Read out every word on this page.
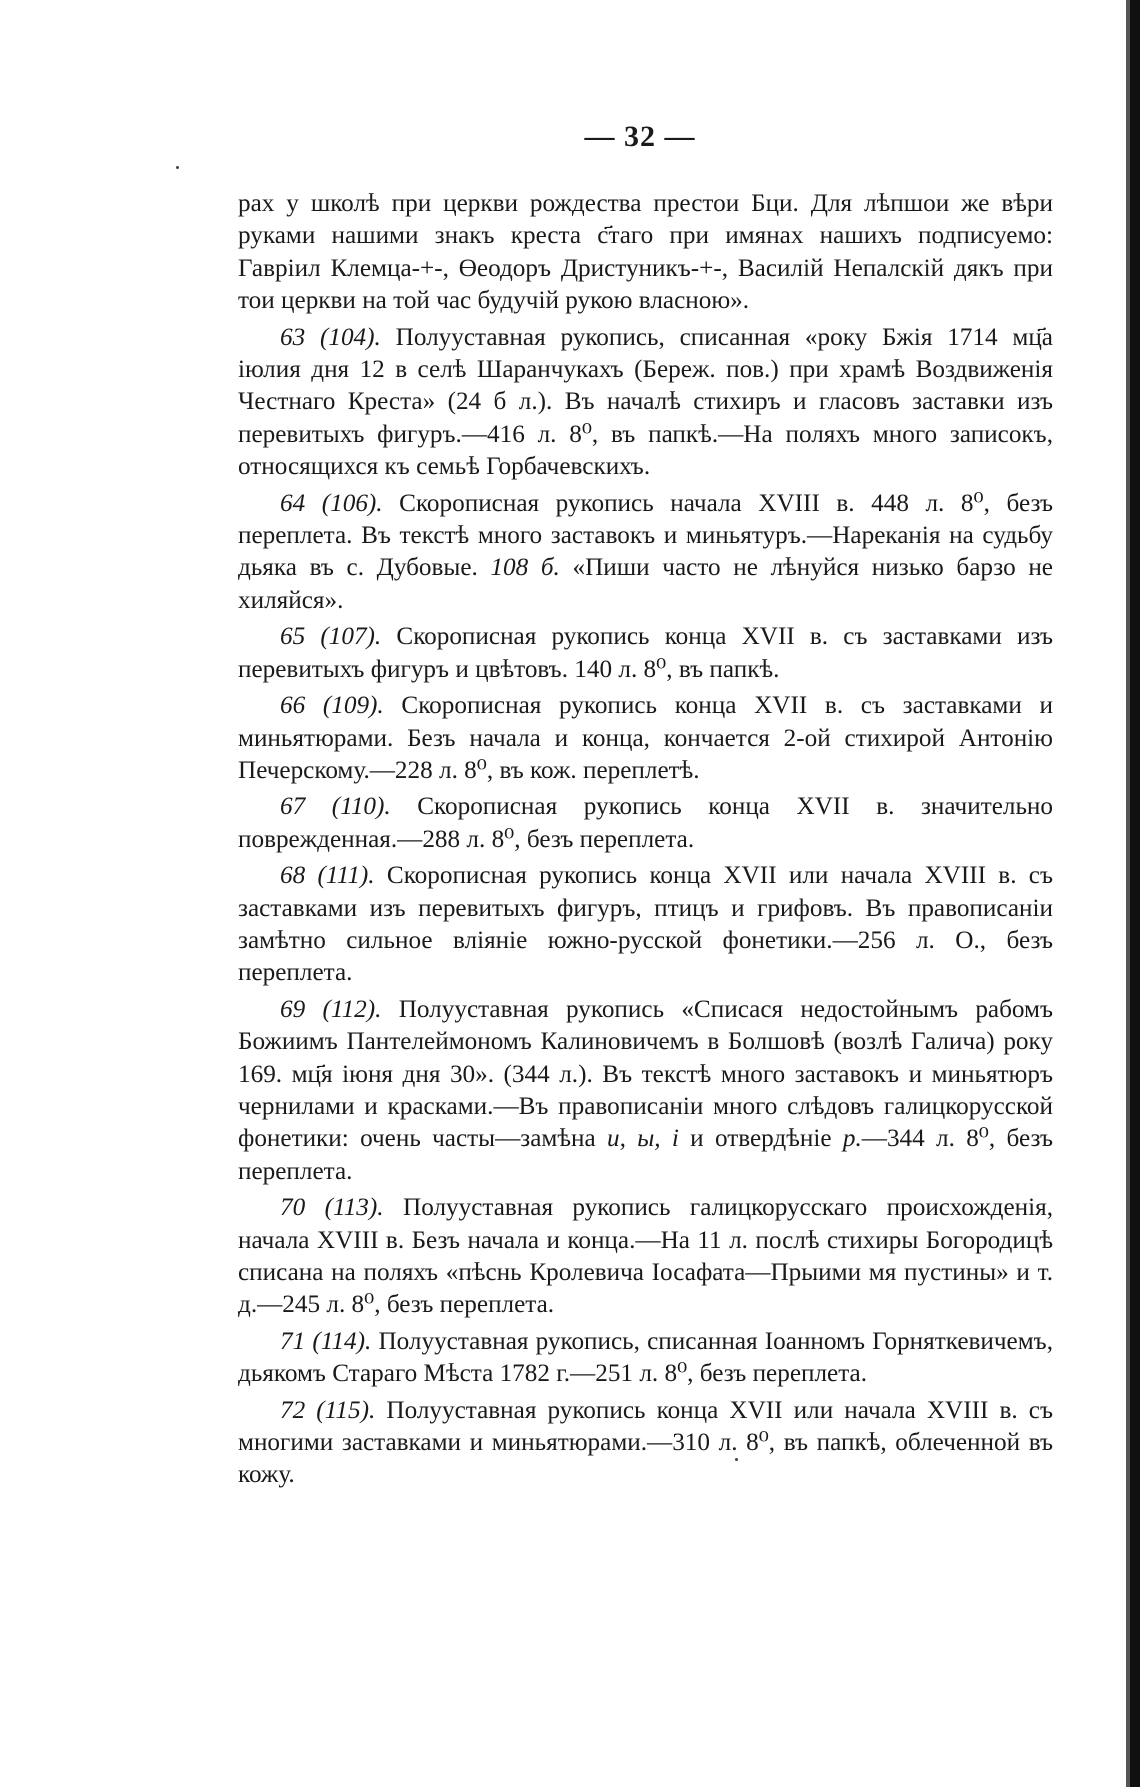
— 32 —

рах у школѣ при церкви рождества престои Бци. Для лѣпшои же вѣри руками нашими знакъ креста с҃таго при имянах нашихъ подписуемо: Гаврiил Клемца-+-, Өеодоръ Дристуникъ-+-, Василiй Непалскiй дякъ при тои церкви на той час будучiй рукою власною».

63 (104). Полууставная рукопись, списанная «року Бжiя 1714 мц҃а iюлия дня 12 в селѣ Шаранчукахъ (Береж. пов.) при храмѣ Воздвиженiя Честнаго Креста» (24 б л.). Въ началѣ стихиръ и гласовъ заставки изъ перевитыхъ фигуръ.—416 л. 8⁰, въ папкѣ.—На поляхъ много записокъ, относящихся къ семьѣ Горбачевскихъ.

64 (106). Скорописная рукопись начала XVIII в. 448 л. 8⁰, безъ переплета. Въ текстѣ много заставокъ и миньятуръ.—Нареканiя на судьбу дьяка въ с. Дубовые. 108 б. «Пиши часто не лѣнуйся низько барзо не хиляйся».

65 (107). Скорописная рукопись конца XVII в. съ заставками изъ перевитыхъ фигуръ и цвѣтовъ. 140 л. 8⁰, въ папкѣ.

66 (109). Скорописная рукопись конца XVII в. съ заставками и миньятюрами. Безъ начала и конца, кончается 2-ой стихирой Антонiю Печерскому.—228 л. 8⁰, въ кож. переплетѣ.

67 (110). Скорописная рукопись конца XVII в. значительно поврежденная.—288 л. 8⁰, безъ переплета.

68 (111). Скорописная рукопись конца XVII или начала XVIII в. съ заставками изъ перевитыхъ фигуръ, птицъ и грифовъ. Въ правописанiи замѣтно сильное влiянiе южно-русской фонетики.—256 л. О., безъ переплета.

69 (112). Полууставная рукопись «Списася недостойнымъ рабомъ Божиимъ Пантелеймономъ Калиновичемъ в Болшовѣ (возлѣ Галича) року 169. мц҃я iюня дня 30». (344 л.). Въ текстѣ много заставокъ и миньятюръ чернилами и красками.—Въ правописанiи много слѣдовъ галицкорусской фонетики: очень часты—замѣна и, ы, і и отвердѣнiе р.—344 л. 8⁰, безъ переплета.

70 (113). Полууставная рукопись галицкорусскаго происхожденiя, начала XVIII в. Безъ начала и конца.—На 11 л. послѣ стихиры Богородицѣ списана на поляхъ «пѣснь Кролевича Iосафата—Прыими мя пустины» и т. д.—245 л. 8⁰, безъ переплета.

71 (114). Полууставная рукопись, списанная Iоанномъ Горняткевичемъ, дьякомъ Стараго Мѣста 1782 г.—251 л. 8⁰, безъ переплета.

72 (115). Полууставная рукопись конца XVII или начала XVIII в. съ многими заставками и миньятюрами.—310 л. 8⁰, въ папкѣ, облеченной въ кожу.
